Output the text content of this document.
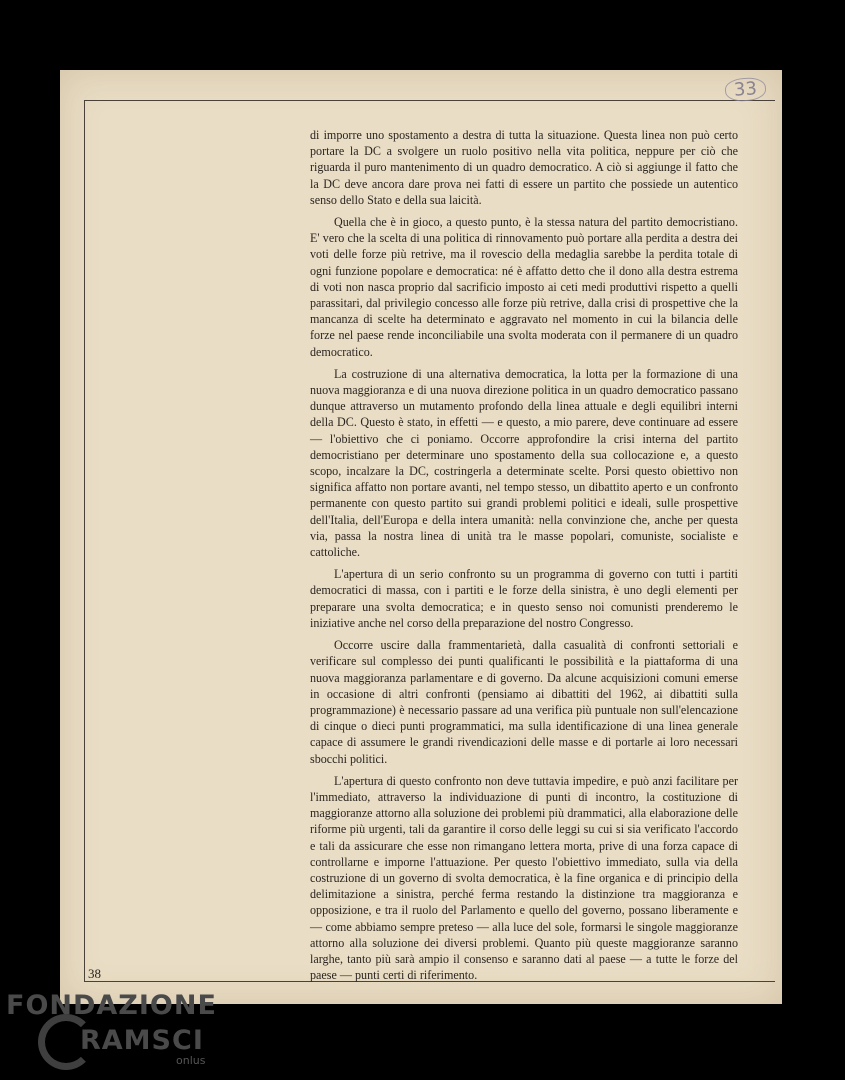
33

di imporre uno spostamento a destra di tutta la situazione. Questa linea non può certo portare la DC a svolgere un ruolo positivo nella vita politica, neppure per ciò che riguarda il puro mantenimento di un quadro democratico. A ciò si aggiunge il fatto che la DC deve ancora dare prova nei fatti di essere un partito che possiede un autentico senso dello Stato e della sua laicità.

Quella che è in gioco, a questo punto, è la stessa natura del partito democristiano. E' vero che la scelta di una politica di rinnovamento può portare alla perdita a destra dei voti delle forze più retrive, ma il rovescio della medaglia sarebbe la perdita totale di ogni funzione popolare e democratica: né è affatto detto che il dono alla destra estrema di voti non nasca proprio dal sacrificio imposto ai ceti medi produttivi rispetto a quelli parassitari, dal privilegio concesso alle forze più retrive, dalla crisi di prospettive che la mancanza di scelte ha determinato e aggravato nel momento in cui la bilancia delle forze nel paese rende inconciliabile una svolta moderata con il permanere di un quadro democratico.

La costruzione di una alternativa democratica, la lotta per la formazione di una nuova maggioranza e di una nuova direzione politica in un quadro democratico passano dunque attraverso un mutamento profondo della linea attuale e degli equilibri interni della DC. Questo è stato, in effetti — e questo, a mio parere, deve continuare ad essere — l'obiettivo che ci poniamo. Occorre approfondire la crisi interna del partito democristiano per determinare uno spostamento della sua collocazione e, a questo scopo, incalzare la DC, costringerla a determinate scelte. Porsi questo obiettivo non significa affatto non portare avanti, nel tempo stesso, un dibattito aperto e un confronto permanente con questo partito sui grandi problemi politici e ideali, sulle prospettive dell'Italia, dell'Europa e della intera umanità: nella convinzione che, anche per questa via, passa la nostra linea di unità tra le masse popolari, comuniste, socialiste e cattoliche.

L'apertura di un serio confronto su un programma di governo con tutti i partiti democratici di massa, con i partiti e le forze della sinistra, è uno degli elementi per preparare una svolta democratica; e in questo senso noi comunisti prenderemo le iniziative anche nel corso della preparazione del nostro Congresso.

Occorre uscire dalla frammentarietà, dalla casualità di confronti settoriali e verificare sul complesso dei punti qualificanti le possibilità e la piattaforma di una nuova maggioranza parlamentare e di governo. Da alcune acquisizioni comuni emerse in occasione di altri confronti (pensiamo ai dibattiti del 1962, ai dibattiti sulla programmazione) è necessario passare ad una verifica più puntuale non sull'elencazione di cinque o dieci punti programmatici, ma sulla identificazione di una linea generale capace di assumere le grandi rivendicazioni delle masse e di portarle ai loro necessari sbocchi politici.

L'apertura di questo confronto non deve tuttavia impedire, e può anzi facilitare per l'immediato, attraverso la individuazione di punti di incontro, la costituzione di maggioranze attorno alla soluzione dei problemi più drammatici, alla elaborazione delle riforme più urgenti, tali da garantire il corso delle leggi su cui si sia verificato l'accordo e tali da assicurare che esse non rimangano lettera morta, prive di una forza capace di controllarne e imporne l'attuazione. Per questo l'obiettivo immediato, sulla via della costruzione di un governo di svolta democratica, è la fine organica e di principio della delimitazione a sinistra, perché ferma restando la distinzione tra maggioranza e opposizione, e tra il ruolo del Parlamento e quello del governo, possano liberamente e — come abbiamo sempre preteso — alla luce del sole, formarsi le singole maggioranze attorno alla soluzione dei diversi problemi. Quanto più queste maggioranze saranno larghe, tanto più sarà ampio il consenso e saranno dati al paese — a tutte le forze del paese — punti certi di riferimento.

38
FONDAZIONE
RAMSCI
onlus
